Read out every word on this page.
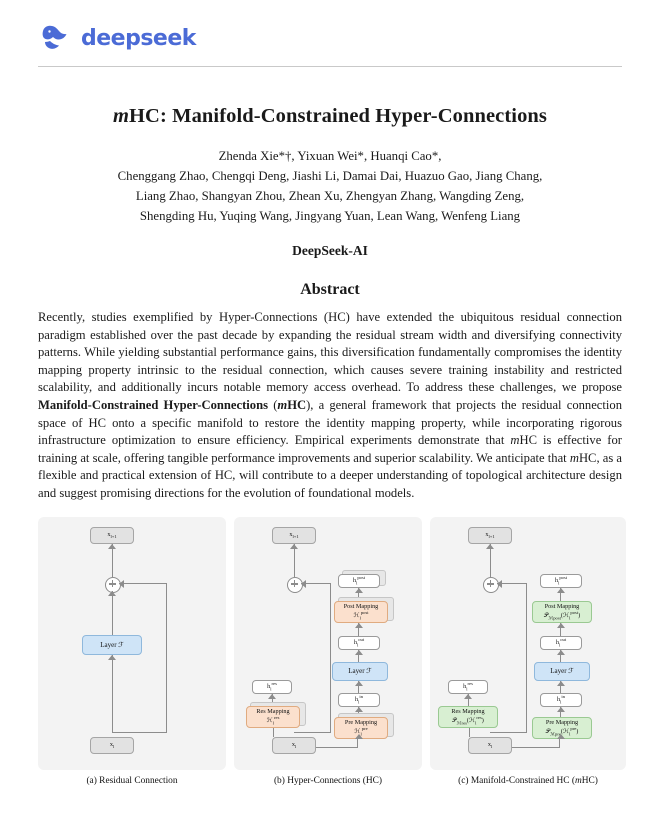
deepseek
mHC: Manifold-Constrained Hyper-Connections
Zhenda Xie*†, Yixuan Wei*, Huanqi Cao*,
Chenggang Zhao, Chengqi Deng, Jiashi Li, Damai Dai, Huazuo Gao, Jiang Chang,
Liang Zhao, Shangyan Zhou, Zhean Xu, Zhengyan Zhang, Wangding Zeng,
Shengding Hu, Yuqing Wang, Jingyang Yuan, Lean Wang, Wenfeng Liang
DeepSeek-AI
Abstract
Recently, studies exemplified by Hyper-Connections (HC) have extended the ubiquitous residual connection paradigm established over the past decade by expanding the residual stream width and diversifying connectivity patterns. While yielding substantial performance gains, this diversification fundamentally compromises the identity mapping property intrinsic to the residual connection, which causes severe training instability and restricted scalability, and additionally incurs notable memory access overhead. To address these challenges, we propose Manifold-Constrained Hyper-Connections (mHC), a general framework that projects the residual connection space of HC onto a specific manifold to restore the identity mapping property, while incorporating rigorous infrastructure optimization to ensure efficiency. Empirical experiments demonstrate that mHC is effective for training at scale, offering tangible performance improvements and superior scalability. We anticipate that mHC, as a flexible and practical extension of HC, will contribute to a deeper understanding of topological architecture design and suggest promising directions for the evolution of foundational models.
$x_{l+1}$
Layer ℱ
$x_l$
(a) Residual Connection
$x_{l+1}$
$h_l^{post}$
Post Mapping
ℋ$_l^{post}$
$h_l^{out}$
Layer ℱ
$h_l^{res}$
$h_l^{in}$
Res Mapping
ℋ$_l^{res}$
Pre Mapping
ℋ$_l^{pre}$
$x_l$
(b) Hyper-Connections (HC)
$x_{l+1}$
$h_l^{post}$
Post Mapping
𝒫$_{ℳpost}$(ℋ$_l^{post}$)
$h_l^{out}$
Layer ℱ
$h_l^{res}$
$h_l^{in}$
Res Mapping
𝒫$_{ℳres}$(ℋ$_l^{res}$)	Pre Mapping
𝒫$_{ℳpre}$(ℋ$_l^{pre}$)
$x_l$
(c) Manifold-Constrained HC (mHC)
